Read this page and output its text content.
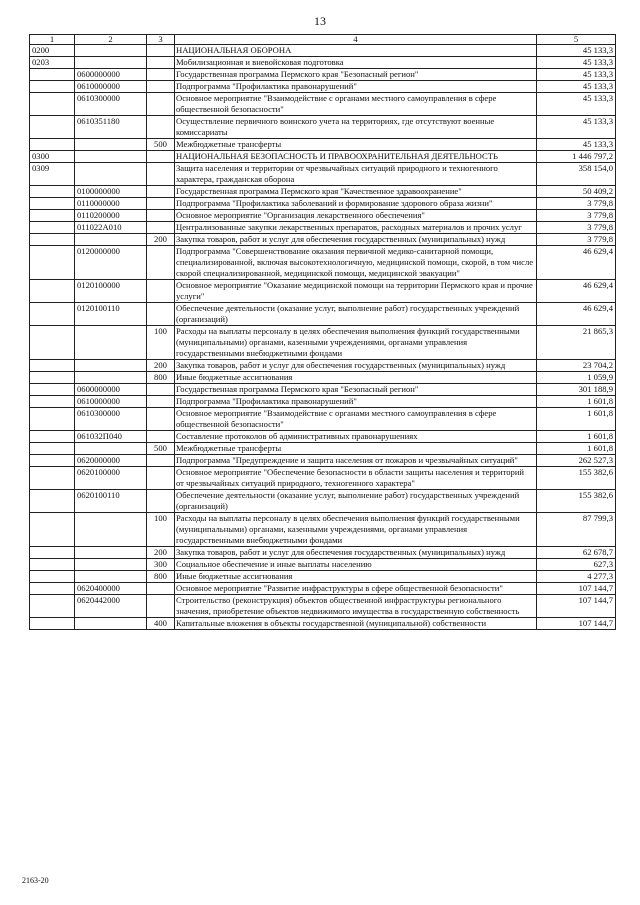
13
1	2	3	4	5
0200			НАЦИОНАЛЬНАЯ ОБОРОНА	45 133,3
0203			Мобилизационная и вневойсковая подготовка	45 133,3
	0600000000		Государственная программа Пермского края "Безопасный регион"	45 133,3
	0610000000		Подпрограмма "Профилактика правонарушений"	45 133,3
	0610300000		Основное мероприятие "Взаимодействие с органами местного самоуправления в сфере общественной безопасности"	45 133,3
	0610351180		Осуществление первичного воинского учета на территориях, где отсутствуют военные комиссариаты	45 133,3
		500	Межбюджетные трансферты	45 133,3
0300			НАЦИОНАЛЬНАЯ БЕЗОПАСНОСТЬ И ПРАВООХРАНИТЕЛЬНАЯ ДЕЯТЕЛЬНОСТЬ	1 446 797,2
0309			Защита населения и территории от чрезвычайных ситуаций природного и техногенного характера, гражданская оборона	358 154,0
	0100000000		Государственная программа Пермского края "Качественное здравоохранение"	50 409,2
	0110000000		Подпрограмма "Профилактика заболеваний и формирование здорового образа жизни"	3 779,8
	0110200000		Основное мероприятие "Организация лекарственного обеспечения"	3 779,8
	011022A010		Централизованные закупки лекарственных препаратов, расходных материалов и прочих услуг	3 779,8
		200	Закупка товаров, работ и услуг для обеспечения государственных (муниципальных) нужд	3 779,8
	0120000000		Подпрограмма "Совершенствование оказания первичной медико-санитарной помощи, специализированной, включая высокотехнологичную, медицинской помощи, скорой, в том числе скорой специализированной, медицинской помощи, медицинской эвакуации"	46 629,4
	0120100000		Основное мероприятие "Оказание медицинской помощи на территории Пермского края и прочие услуги"	46 629,4
	0120100110		Обеспечение деятельности (оказание услуг, выполнение работ) государственных учреждений (организаций)	46 629,4
		100	Расходы на выплаты персоналу в целях обеспечения выполнения функций государственными (муниципальными) органами, казенными учреждениями, органами управления государственными внебюджетными фондами	21 865,3
		200	Закупка товаров, работ и услуг для обеспечения государственных (муниципальных) нужд	23 704,2
		800	Иные бюджетные ассигнования	1 059,9
	0600000000		Государственная программа Пермского края "Безопасный регион"	301 188,9
	0610000000		Подпрограмма "Профилактика правонарушений"	1 601,8
	0610300000		Основное мероприятие "Взаимодействие с органами местного самоуправления в сфере общественной безопасности"	1 601,8
	061032П040		Составление протоколов об административных правонарушениях	1 601,8
		500	Межбюджетные трансферты	1 601,8
	0620000000		Подпрограмма "Предупреждение и защита населения от пожаров и чрезвычайных ситуаций"	262 527,3
	0620100000		Основное мероприятие "Обеспечение безопасности в области защиты населения и территорий от чрезвычайных ситуаций природного, техногенного характера"	155 382,6
	0620100110		Обеспечение деятельности (оказание услуг, выполнение работ) государственных учреждений (организаций)	155 382,6
		100	Расходы на выплаты персоналу в целях обеспечения выполнения функций государственными (муниципальными) органами, казенными учреждениями, органами управления государственными внебюджетными фондами	87 799,3
		200	Закупка товаров, работ и услуг для обеспечения государственных (муниципальных) нужд	62 678,7
		300	Социальное обеспечение и иные выплаты населению	627,3
		800	Иные бюджетные ассигнования	4 277,3
	0620400000		Основное мероприятие "Развитие инфраструктуры в сфере общественной безопасности"	107 144,7
	0620442000		Строительство (реконструкция) объектов общественной инфраструктуры регионального значения, приобретение объектов недвижимого имущества в государственную собственность	107 144,7
		400	Капитальные вложения в объекты государственной (муниципальной) собственности	107 144,7
2163-20
